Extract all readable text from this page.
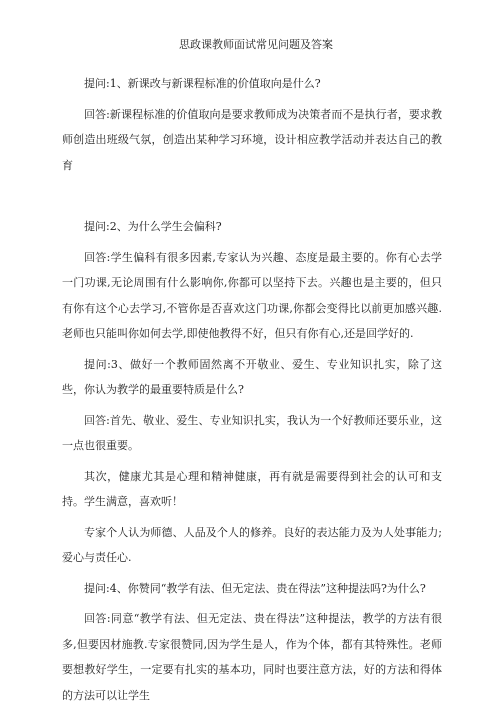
思政课教师面试常见问题及答案

提问:1、新课改与新课程标准的价值取向是什么?

回答:新课程标准的价值取向是要求教师成为决策者而不是执行者，要求教师创造出班级气氛，创造出某种学习环境，设计相应教学活动并表达自己的教育

提问:2、为什么学生会偏科?

回答:学生偏科有很多因素,专家认为兴趣、态度是最主要的。你有心去学一门功课,无论周围有什么影响你,你都可以坚持下去。兴趣也是主要的，但只有你有这个心去学习,不管你是否喜欢这门功课,你都会变得比以前更加感兴趣.老师也只能叫你如何去学,即使他教得不好，但只有你有心,还是回学好的.

提问:3、做好一个教师固然离不开敬业、爱生、专业知识扎实，除了这些，你认为教学的最重要特质是什么?

回答:首先、敬业、爱生、专业知识扎实，我认为一个好教师还要乐业，这一点也很重要。

其次，健康尤其是心理和精神健康，再有就是需要得到社会的认可和支持。学生满意，喜欢听！

专家个人认为师德、人品及个人的修养。良好的表达能力及为人处事能力;爱心与责任心.

提问:4、你赞同“教学有法、但无定法、贵在得法”这种提法吗?为什么?

回答:同意“教学有法、但无定法、贵在得法”这种提法，教学的方法有很多,但要因材施教.专家很赞同,因为学生是人，作为个体，都有其特殊性。老师要想教好学生，一定要有扎实的基本功，同时也要注意方法，好的方法和得体的方法可以让学生
